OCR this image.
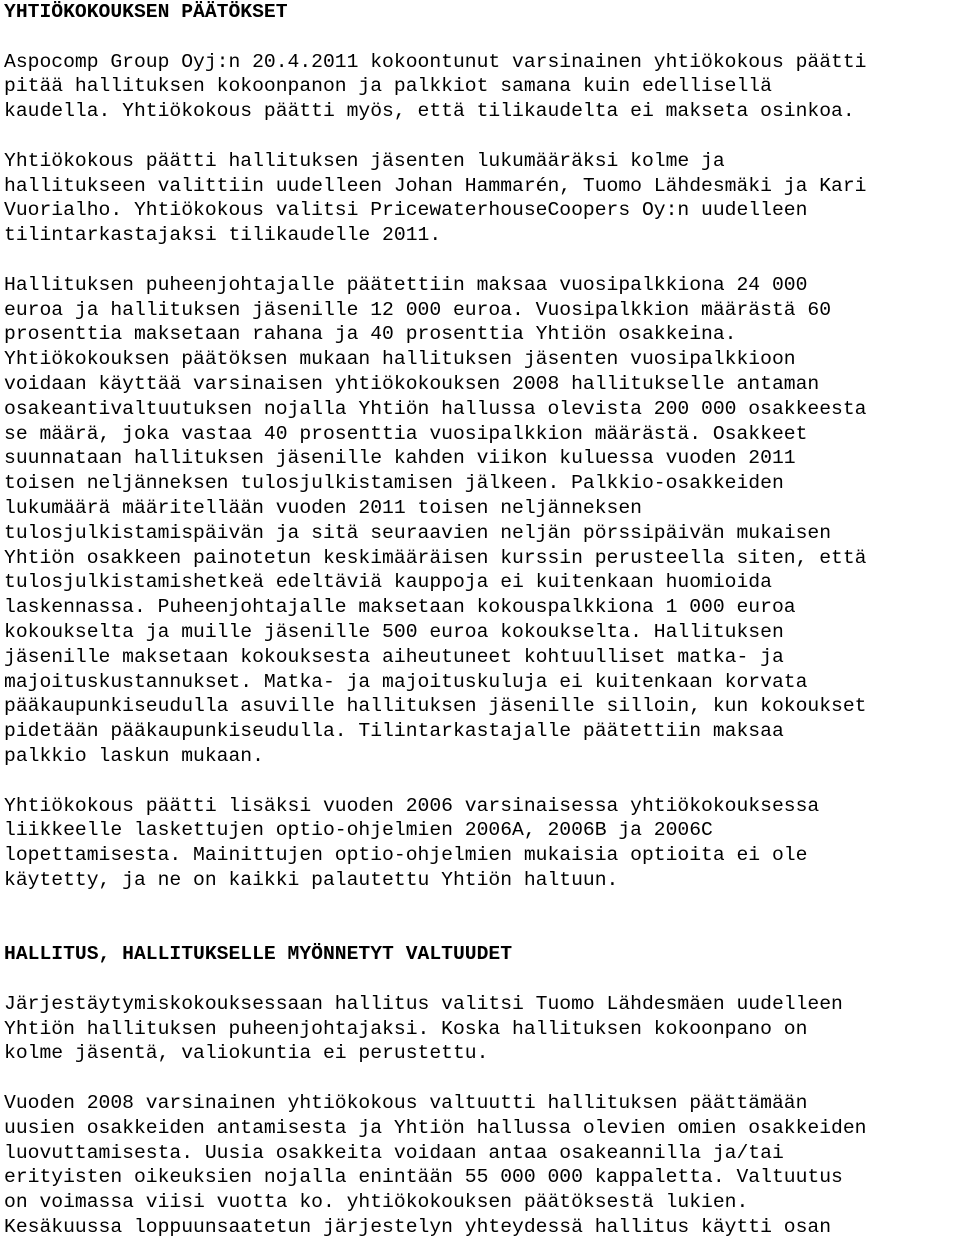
YHTIÖKOKOUKSEN PÄÄTÖKSET
Aspocomp Group Oyj:n 20.4.2011 kokoontunut varsinainen yhtiökokous päätti
pitää hallituksen kokoonpanon ja palkkiot samana kuin edellisellä
kaudella. Yhtiökokous päätti myös, että tilikaudelta ei makseta osinkoa.
Yhtiökokous päätti hallituksen jäsenten lukumääräksi kolme ja
hallitukseen valittiin uudelleen Johan Hammarén, Tuomo Lähdesmäki ja Kari
Vuorialho. Yhtiökokous valitsi PricewaterhouseCoopers Oy:n uudelleen
tilintarkastajaksi tilikaudelle 2011.
Hallituksen puheenjohtajalle päätettiin maksaa vuosipalkkiona 24 000
euroa ja hallituksen jäsenille 12 000 euroa. Vuosipalkkion määrästä 60
prosenttia maksetaan rahana ja 40 prosenttia Yhtiön osakkeina.
Yhtiökokouksen päätöksen mukaan hallituksen jäsenten vuosipalkkioon
voidaan käyttää varsinaisen yhtiökokouksen 2008 hallitukselle antaman
osakeantivaltuutuksen nojalla Yhtiön hallussa olevista 200 000 osakkeesta
se määrä, joka vastaa 40 prosenttia vuosipalkkion määrästä. Osakkeet
suunnataan hallituksen jäsenille kahden viikon kuluessa vuoden 2011
toisen neljänneksen tulosjulkistamisen jälkeen. Palkkio-osakkeiden
lukumäärä määritellään vuoden 2011 toisen neljänneksen
tulosjulkistamispäivän ja sitä seuraavien neljän pörssipäivän mukaisen
Yhtiön osakkeen painotetun keskimääräisen kurssin perusteella siten, että
tulosjulkistamishetkeä edeltäviä kauppoja ei kuitenkaan huomioida
laskennassa. Puheenjohtajalle maksetaan kokouspalkkiona 1 000 euroa
kokoukselta ja muille jäsenille 500 euroa kokoukselta. Hallituksen
jäsenille maksetaan kokouksesta aiheutuneet kohtuulliset matka- ja
majoituskustannukset. Matka- ja majoituskuluja ei kuitenkaan korvata
pääkaupunkiseudulla asuville hallituksen jäsenille silloin, kun kokoukset
pidetään pääkaupunkiseudulla. Tilintarkastajalle päätettiin maksaa
palkkio laskun mukaan.
Yhtiökokous päätti lisäksi vuoden 2006 varsinaisessa yhtiökokouksessa
liikkeelle laskettujen optio-ohjelmien 2006A, 2006B ja 2006C
lopettamisesta. Mainittujen optio-ohjelmien mukaisia optioita ei ole
käytetty, ja ne on kaikki palautettu Yhtiön haltuun.
HALLITUS, HALLITUKSELLE MYÖNNETYT VALTUUDET
Järjestäytymiskokouksessaan hallitus valitsi Tuomo Lähdesmäen uudelleen
Yhtiön hallituksen puheenjohtajaksi. Koska hallituksen kokoonpano on
kolme jäsentä, valiokuntia ei perustettu.
Vuoden 2008 varsinainen yhtiökokous valtuutti hallituksen päättämään
uusien osakkeiden antamisesta ja Yhtiön hallussa olevien omien osakkeiden
luovuttamisesta. Uusia osakkeita voidaan antaa osakeannilla ja/tai
erityisten oikeuksien nojalla enintään 55 000 000 kappaletta. Valtuutus
on voimassa viisi vuotta ko. yhtiökokouksen päätöksestä lukien.
Kesäkuussa loppuunsaatetun järjestelyn yhteydessä hallitus käytti osan
